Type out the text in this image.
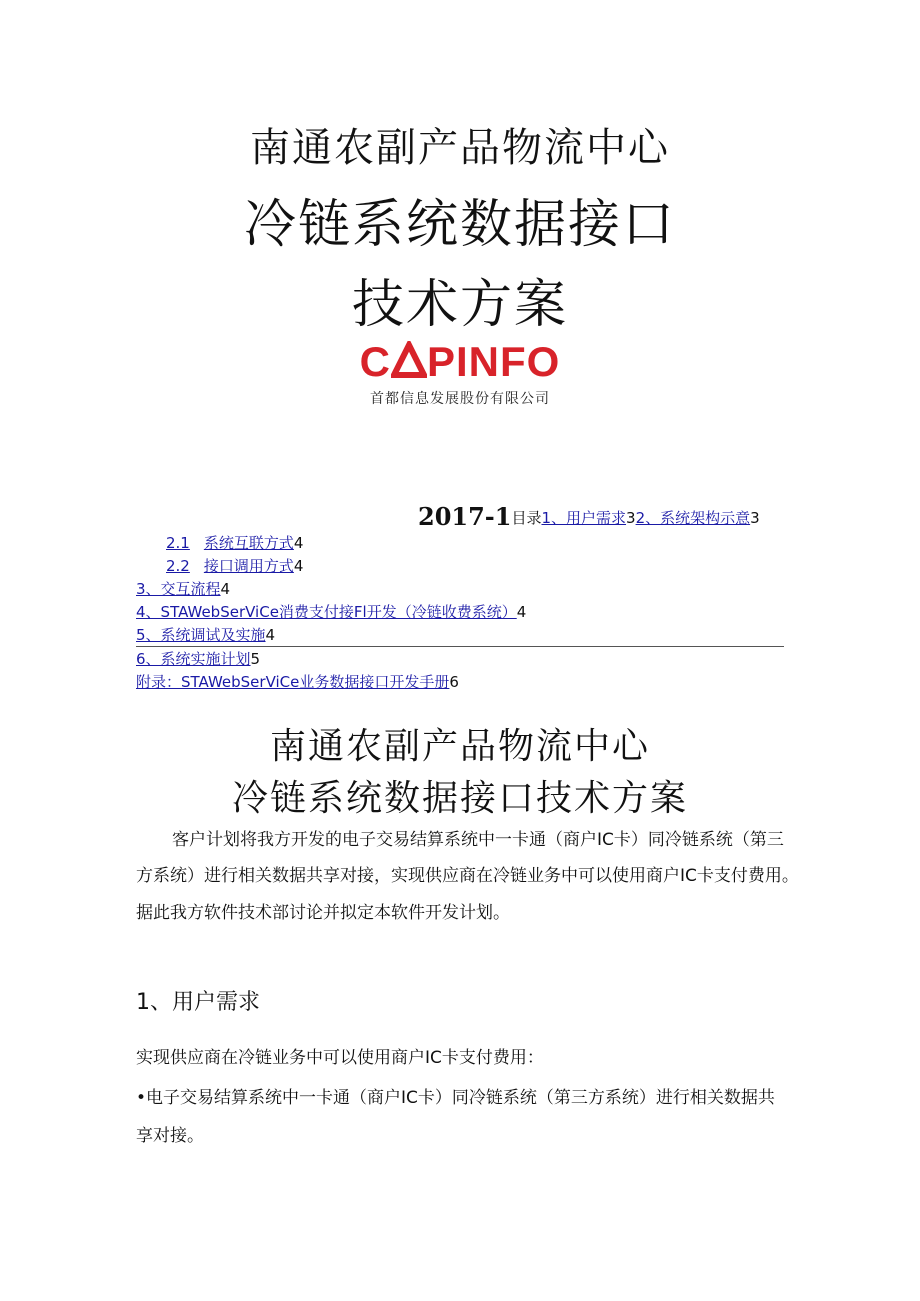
南通农副产品物流中心
冷链系统数据接口
技术方案
C PINFO
首都信息发展股份有限公司
2017-1目录1、用户需求32、系统架构示意3
2.1 系统互联方式4
2.2 接口调用方式4
3、交互流程4
4、STAWebSerViCe消费支付接Fl开发（冷链收费系统）4
5、系统调试及实施4
6、系统实施计划5
附录：STAWebSerViCe业务数据接口开发手册6
南通农副产品物流中心
冷链系统数据接口技术方案
客户计划将我方开发的电子交易结算系统中一卡通（商户IC卡）同冷链系统（第三
方系统）进行相关数据共享对接，实现供应商在冷链业务中可以使用商户IC卡支付费用。
据此我方软件技术部讨论并拟定本软件开发计划。
1、用户需求
实现供应商在冷链业务中可以使用商户IC卡支付费用：
•电子交易结算系统中一卡通（商户IC卡）同冷链系统（第三方系统）进行相关数据共
享对接。
